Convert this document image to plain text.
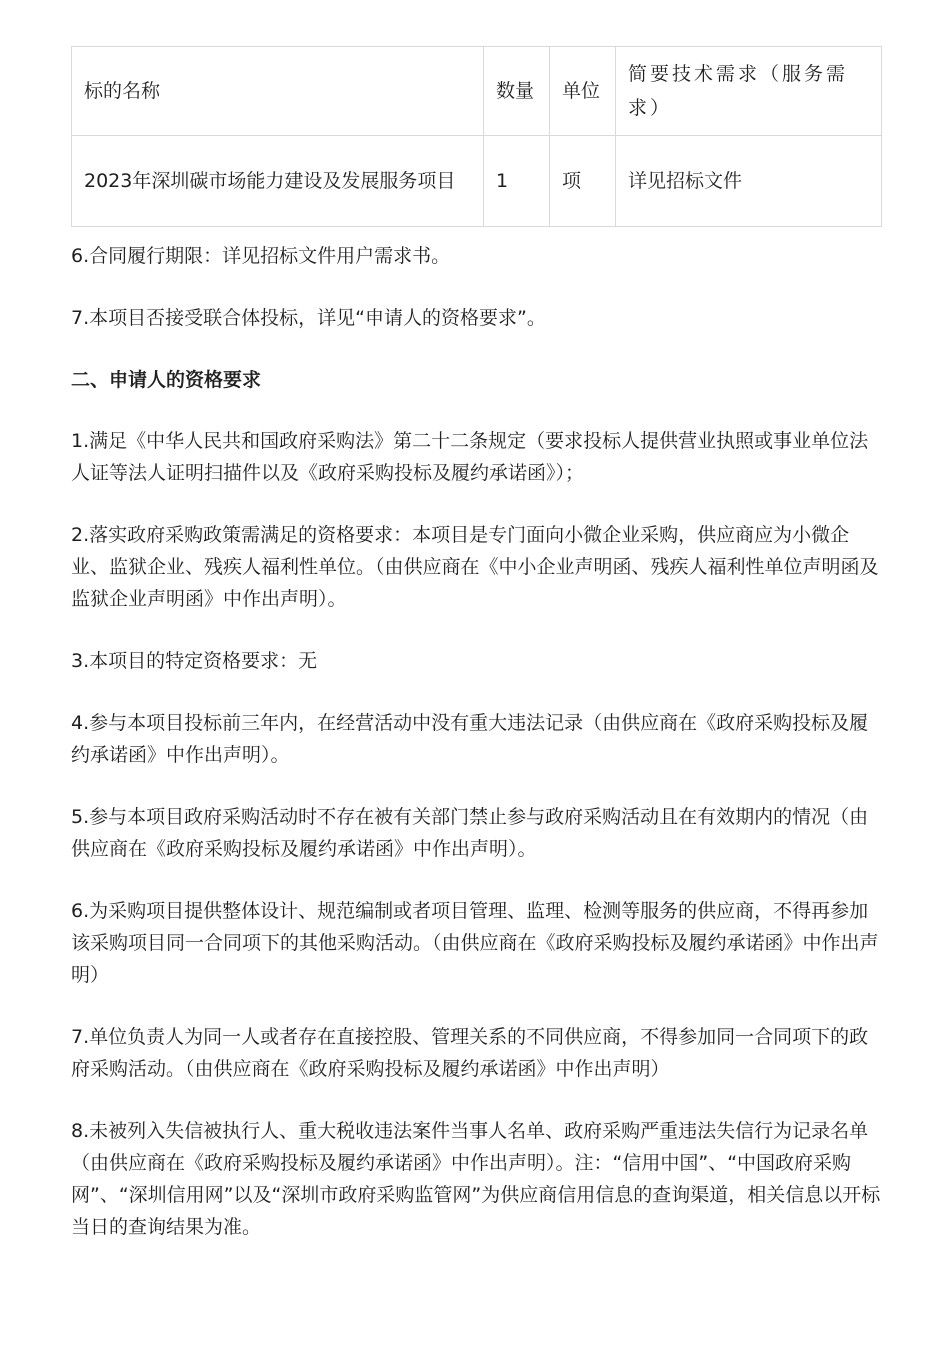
标的名称	数量	单位	简要技术需求（服务需求）
2023年深圳碳市场能力建设及发展服务项目	1	项	详见招标文件
6.合同履行期限：详见招标文件用户需求书。
7.本项目否接受联合体投标，详见“申请人的资格要求”。
二、申请人的资格要求
1.满足《中华人民共和国政府采购法》第二十二条规定（要求投标人提供营业执照或事业单位法人证等法人证明扫描件以及《政府采购投标及履约承诺函》）；
2.落实政府采购政策需满足的资格要求：本项目是专门面向小微企业采购，供应商应为小微企业、监狱企业、残疾人福利性单位。（由供应商在《中小企业声明函、残疾人福利性单位声明函及监狱企业声明函》中作出声明）。
3.本项目的特定资格要求：无
4.参与本项目投标前三年内，在经营活动中没有重大违法记录（由供应商在《政府采购投标及履约承诺函》中作出声明）。
5.参与本项目政府采购活动时不存在被有关部门禁止参与政府采购活动且在有效期内的情况（由供应商在《政府采购投标及履约承诺函》中作出声明）。
6.为采购项目提供整体设计、规范编制或者项目管理、监理、检测等服务的供应商，不得再参加该采购项目同一合同项下的其他采购活动。（由供应商在《政府采购投标及履约承诺函》中作出声明）
7.单位负责人为同一人或者存在直接控股、管理关系的不同供应商，不得参加同一合同项下的政府采购活动。（由供应商在《政府采购投标及履约承诺函》中作出声明）
8.未被列入失信被执行人、重大税收违法案件当事人名单、政府采购严重违法失信行为记录名单（由供应商在《政府采购投标及履约承诺函》中作出声明）。注：“信用中国”、“中国政府采购网”、“深圳信用网”以及“深圳市政府采购监管网”为供应商信用信息的查询渠道，相关信息以开标当日的查询结果为准。
